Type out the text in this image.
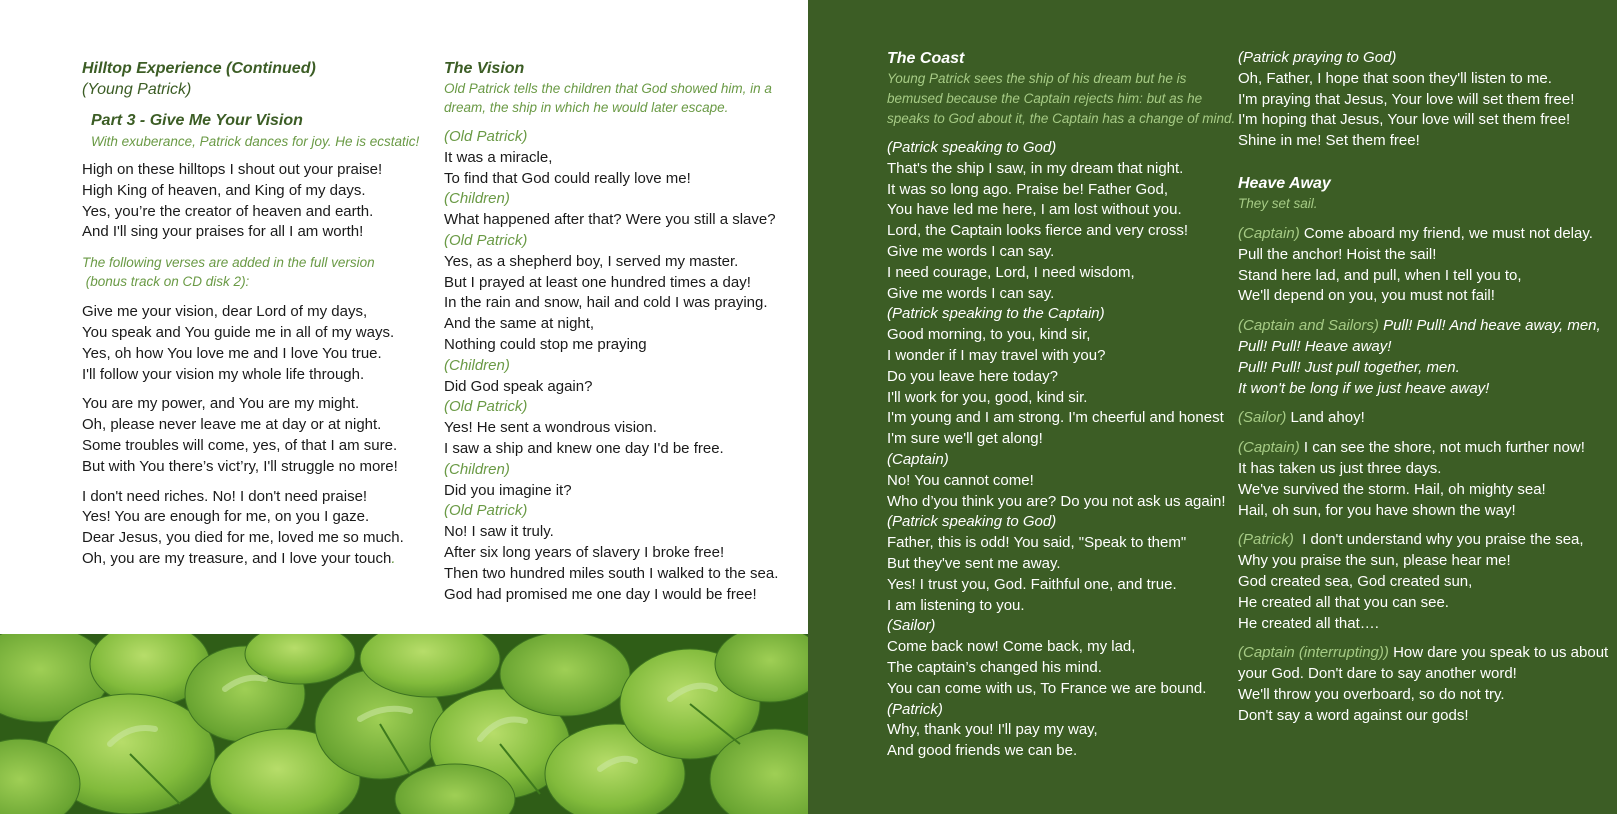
Hilltop Experience (Continued)
(Young Patrick)
Part 3 - Give Me Your Vision
With exuberance, Patrick dances for joy. He is ecstatic!
High on these hilltops I shout out your praise!
High King of heaven, and King of my days.
Yes, you’re the creator of heaven and earth.
And I'll sing your praises for all I am worth!
The following verses are added in the full version
(bonus track on CD disk 2):
Give me your vision, dear Lord of my days,
You speak and You guide me in all of my ways.
Yes, oh how You love me and I love You true.
I'll follow your vision my whole life through.
You are my power, and You are my might.
Oh, please never leave me at day or at night.
Some troubles will come, yes, of that I am sure.
But with You there’s vict’ry, I'll struggle no more!
I don't need riches. No! I don't need praise!
Yes! You are enough for me, on you I gaze.
Dear Jesus, you died for me, loved me so much.
Oh, you are my treasure, and I love your touch.
The Vision
Old Patrick tells the children that God showed him, in a
dream, the ship in which he would later escape.
(Old Patrick)
It was a miracle,
To find that God could really love me!
(Children)
What happened after that? Were you still a slave?
(Old Patrick)
Yes, as a shepherd boy, I served my master.
But I prayed at least one hundred times a day!
In the rain and snow, hail and cold I was praying.
And the same at night,
Nothing could stop me praying
(Children)
Did God speak again?
(Old Patrick)
Yes! He sent a wondrous vision.
I saw a ship and knew one day I'd be free.
(Children)
Did you imagine it?
(Old Patrick)
No! I saw it truly.
After six long years of slavery I broke free!
Then two hundred miles south I walked to the sea.
God had promised me one day I would be free!
The Coast
Young Patrick sees the ship of his dream but he is
bemused because the Captain rejects him: but as he
speaks to God about it, the Captain has a change of mind.
(Patrick speaking to God)
That's the ship I saw, in my dream that night.
It was so long ago. Praise be! Father God,
You have led me here, I am lost without you.
Lord, the Captain looks fierce and very cross!
Give me words I can say.
I need courage, Lord, I need wisdom,
Give me words I can say.
(Patrick speaking to the Captain)
Good morning, to you, kind sir,
I wonder if I may travel with you?
Do you leave here today?
I'll work for you, good, kind sir.
I'm young and I am strong. I'm cheerful and honest
I'm sure we'll get along!
(Captain)
No! You cannot come!
Who d’you think you are? Do you not ask us again!
(Patrick speaking to God)
Father, this is odd! You said, "Speak to them"
But they've sent me away.
Yes! I trust you, God. Faithful one, and true.
I am listening to you.
(Sailor)
Come back now! Come back, my lad,
The captain’s changed his mind.
You can come with us, To France we are bound.
(Patrick)
Why, thank you! I'll pay my way,
And good friends we can be.
(Patrick praying to God)
Oh, Father, I hope that soon they'll listen to me.
I'm praying that Jesus, Your love will set them free!
I'm hoping that Jesus, Your love will set them free!
Shine in me! Set them free!
Heave Away
They set sail.
(Captain) Come aboard my friend, we must not delay.
Pull the anchor! Hoist the sail!
Stand here lad, and pull, when I tell you to,
We'll depend on you, you must not fail!
(Captain and Sailors) Pull! Pull! And heave away, men,
Pull! Pull! Heave away!
Pull! Pull! Just pull together, men.
It won't be long if we just heave away!
(Sailor) Land ahoy!
(Captain) I can see the shore, not much further now!
It has taken us just three days.
We've survived the storm. Hail, oh mighty sea!
Hail, oh sun, for you have shown the way!
(Patrick)  I don't understand why you praise the sea,
Why you praise the sun, please hear me!
God created sea, God created sun,
He created all that you can see.
He created all that….
(Captain (interrupting)) How dare you speak to us about
your God. Don't dare to say another word!
We'll throw you overboard, so do not try.
Don't say a word against our gods!
